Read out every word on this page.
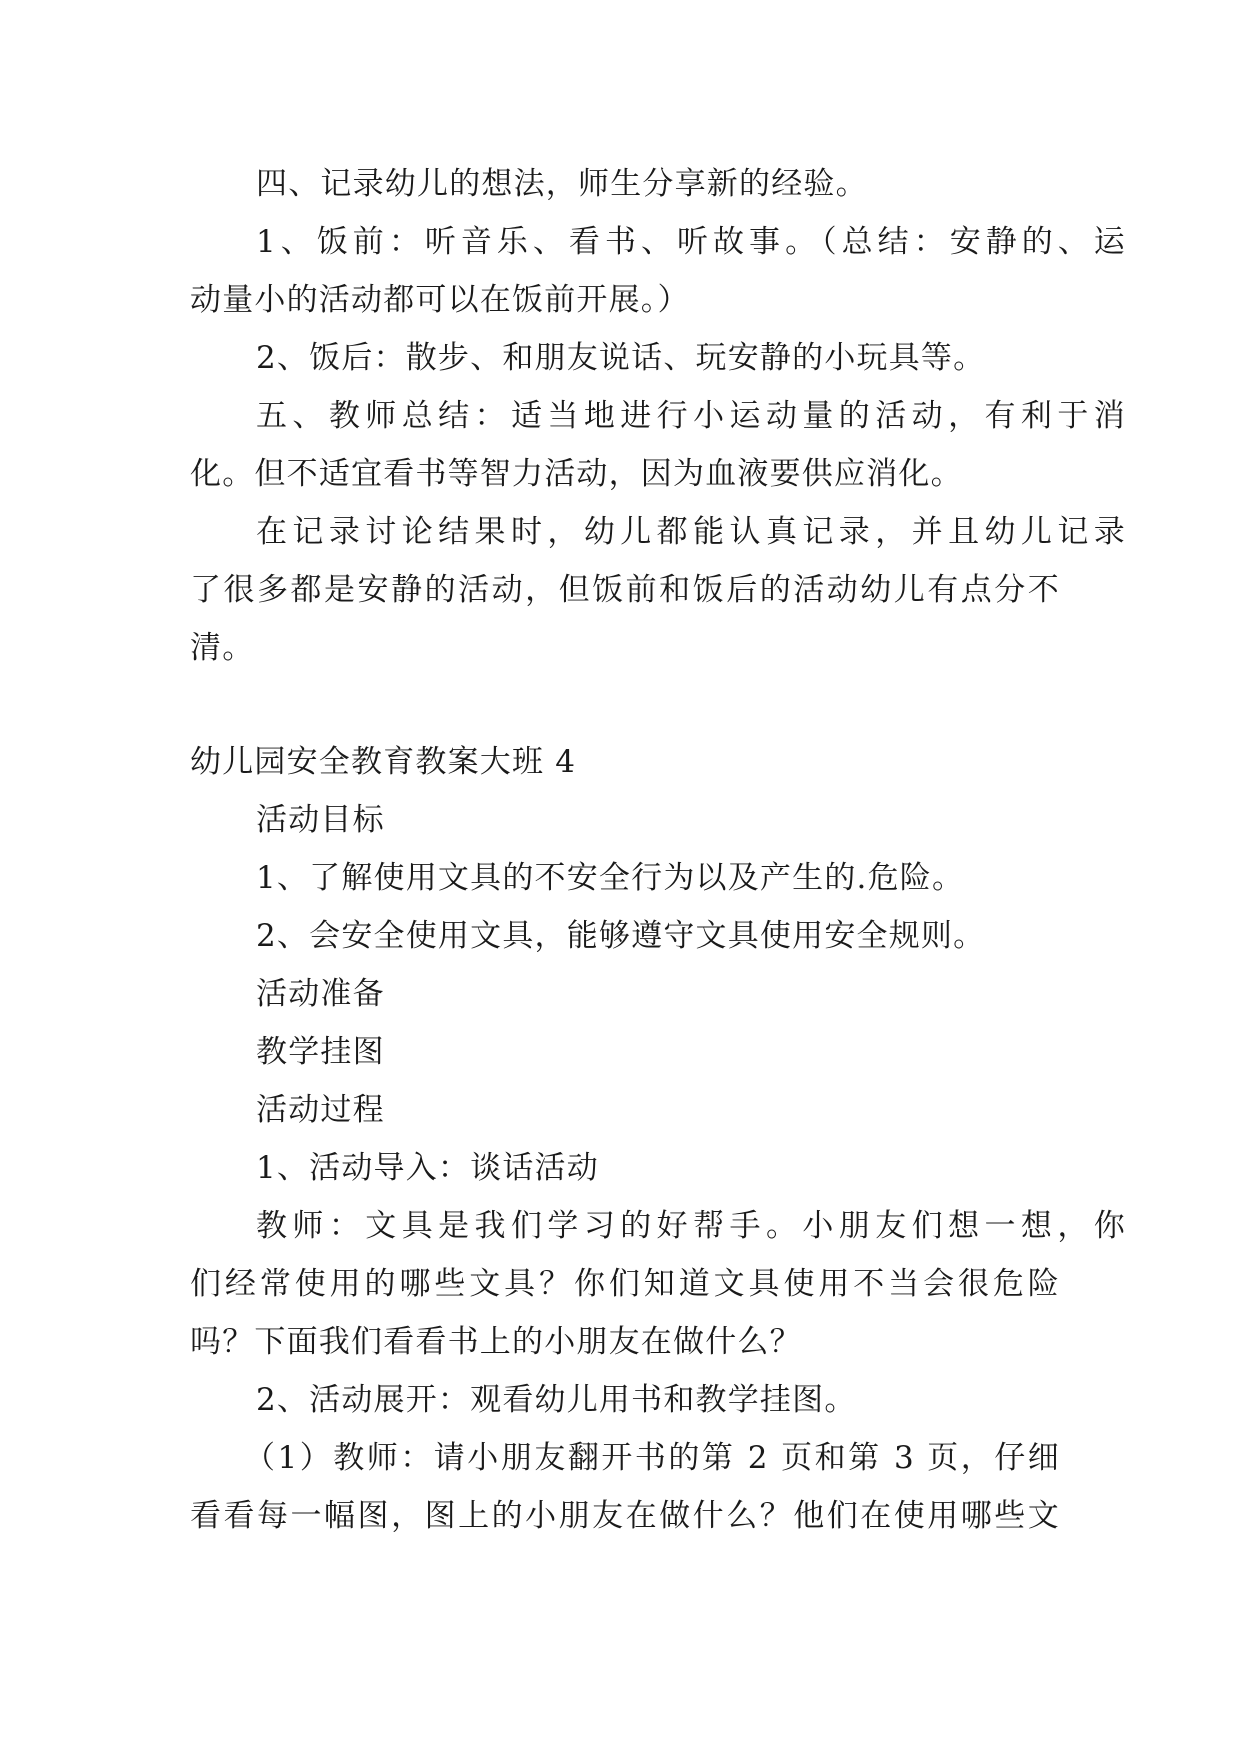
四、记录幼儿的想法，师生分享新的经验。
1、饭前：听音乐、看书、听故事。（总结：安静的、运
动量小的活动都可以在饭前开展。）
2、饭后：散步、和朋友说话、玩安静的小玩具等。
五、教师总结：适当地进行小运动量的活动，有利于消
化。但不适宜看书等智力活动，因为血液要供应消化。
在记录讨论结果时，幼儿都能认真记录，并且幼儿记录
了很多都是安静的活动，但饭前和饭后的活动幼儿有点分不
清。
幼儿园安全教育教案大班 4
活动目标
1、了解使用文具的不安全行为以及产生的.危险。
2、会安全使用文具，能够遵守文具使用安全规则。
活动准备
教学挂图
活动过程
1、活动导入：谈话活动
教师：文具是我们学习的好帮手。小朋友们想一想，你
们经常使用的哪些文具？你们知道文具使用不当会很危险
吗？下面我们看看书上的小朋友在做什么？
2、活动展开：观看幼儿用书和教学挂图。
（1）教师：请小朋友翻开书的第 2 页和第 3 页，仔细
看看每一幅图，图上的小朋友在做什么？他们在使用哪些文
